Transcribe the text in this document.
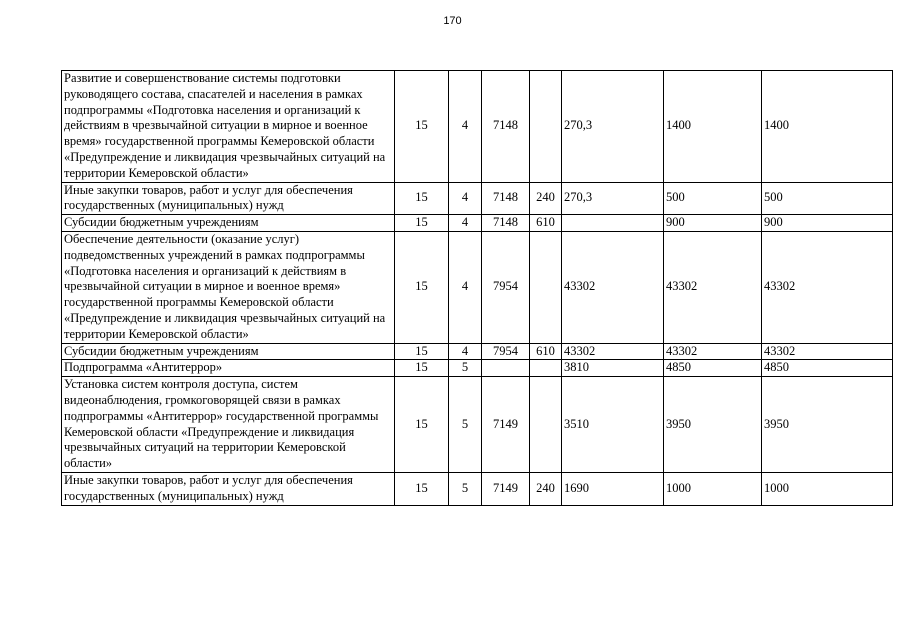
170
Развитие и совершенствование системы подготовки руководящего состава, спасателей и населения в рамках подпрограммы «Подготовка населения и организаций к действиям в чрезвычайной ситуации в мирное и военное время» государственной программы Кемеровской области «Предупреждение и ликвидация чрезвычайных ситуаций на территории Кемеровской области»	15	4	7148		270,3	1400	1400
Иные закупки товаров, работ и услуг для обеспечения государственных (муниципальных) нужд	15	4	7148	240	270,3	500	500
Субсидии бюджетным учреждениям	15	4	7148	610		900	900
Обеспечение деятельности (оказание услуг) подведомственных учреждений в рамках подпрограммы «Подготовка населения и организаций к действиям в чрезвычайной ситуации в мирное и военное время» государственной программы Кемеровской области «Предупреждение и ликвидация чрезвычайных ситуаций на территории Кемеровской области»	15	4	7954		43302	43302	43302
Субсидии бюджетным учреждениям	15	4	7954	610	43302	43302	43302
Подпрограмма «Антитеррор»	15	5			3810	4850	4850
Установка систем контроля доступа, систем видеонаблюдения, громкоговорящей связи в рамках подпрограммы «Антитеррор» государственной программы Кемеровской области «Предупреждение и ликвидация чрезвычайных ситуаций на территории Кемеровской области»	15	5	7149		3510	3950	3950
Иные закупки товаров, работ и услуг для обеспечения государственных (муниципальных) нужд	15	5	7149	240	1690	1000	1000
